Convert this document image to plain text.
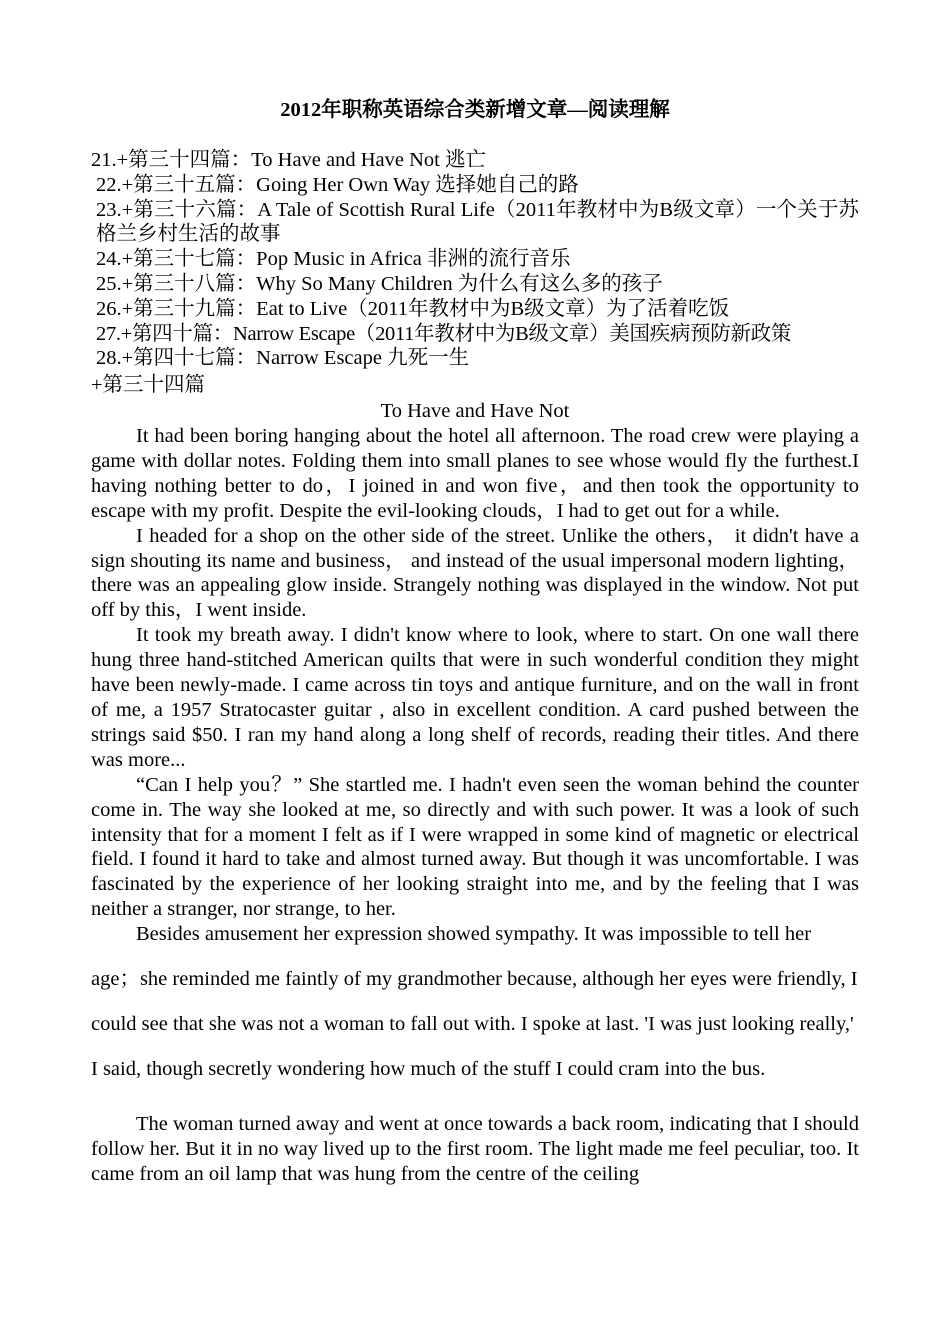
2012年职称英语综合类新增文章—阅读理解
21.+第三十四篇：To Have and Have Not 逃亡
22.+第三十五篇：Going Her Own Way 选择她自己的路
23.+第三十六篇：A Tale of Scottish Rural Life（2011年教材中为B级文章）一个关于苏格兰乡村生活的故事
24.+第三十七篇：Pop Music in Africa 非洲的流行音乐
25.+第三十八篇：Why So Many Children 为什么有这么多的孩子
26.+第三十九篇：Eat to Live（2011年教材中为B级文章）为了活着吃饭
27.+第四十篇：Narrow Escape（2011年教材中为B级文章）美国疾病预防新政策
28.+第四十七篇：Narrow Escape 九死一生
+第三十四篇
To Have and Have Not

It had been boring hanging about the hotel all afternoon. The road crew were playing a game with dollar notes. Folding them into small planes to see whose would fly the furthest.I having nothing better to do，I joined in and won five，and then took the opportunity to escape with my profit. Despite the evil-looking clouds，I had to get out for a while.

I headed for a shop on the other side of the street. Unlike the others， it didn't have a sign shouting its name and business， and instead of the usual impersonal modern lighting， there was an appealing glow inside. Strangely nothing was displayed in the window. Not put off by this，I went inside.

It took my breath away. I didn't know where to look, where to start. On one wall there hung three hand-stitched American quilts that were in such wonderful condition they might have been newly-made. I came across tin toys and antique furniture, and on the wall in front of me, a 1957 Stratocaster guitar , also in excellent condition. A card pushed between the strings said $50. I ran my hand along a long shelf of records, reading their titles. And there was more...

“Can I help you？” She startled me. I hadn't even seen the woman behind the counter come in. The way she looked at me, so directly and with such power. It was a look of such intensity that for a moment I felt as if I were wrapped in some kind of magnetic or electrical field. I found it hard to take and almost turned away. But though it was uncomfortable. I was fascinated by the experience of her looking straight into me, and by the feeling that I was neither a stranger, nor strange, to her.

Besides amusement her expression showed sympathy. It was impossible to tell her age；she reminded me faintly of my grandmother because, although her eyes were friendly, I could see that she was not a woman to fall out with. I spoke at last. 'I was just looking really,' I said, though secretly wondering how much of the stuff I could cram into the bus.

The woman turned away and went at once towards a back room, indicating that I should follow her. But it in no way lived up to the first room. The light made me feel peculiar, too. It came from an oil lamp that was hung from the centre of the ceiling
